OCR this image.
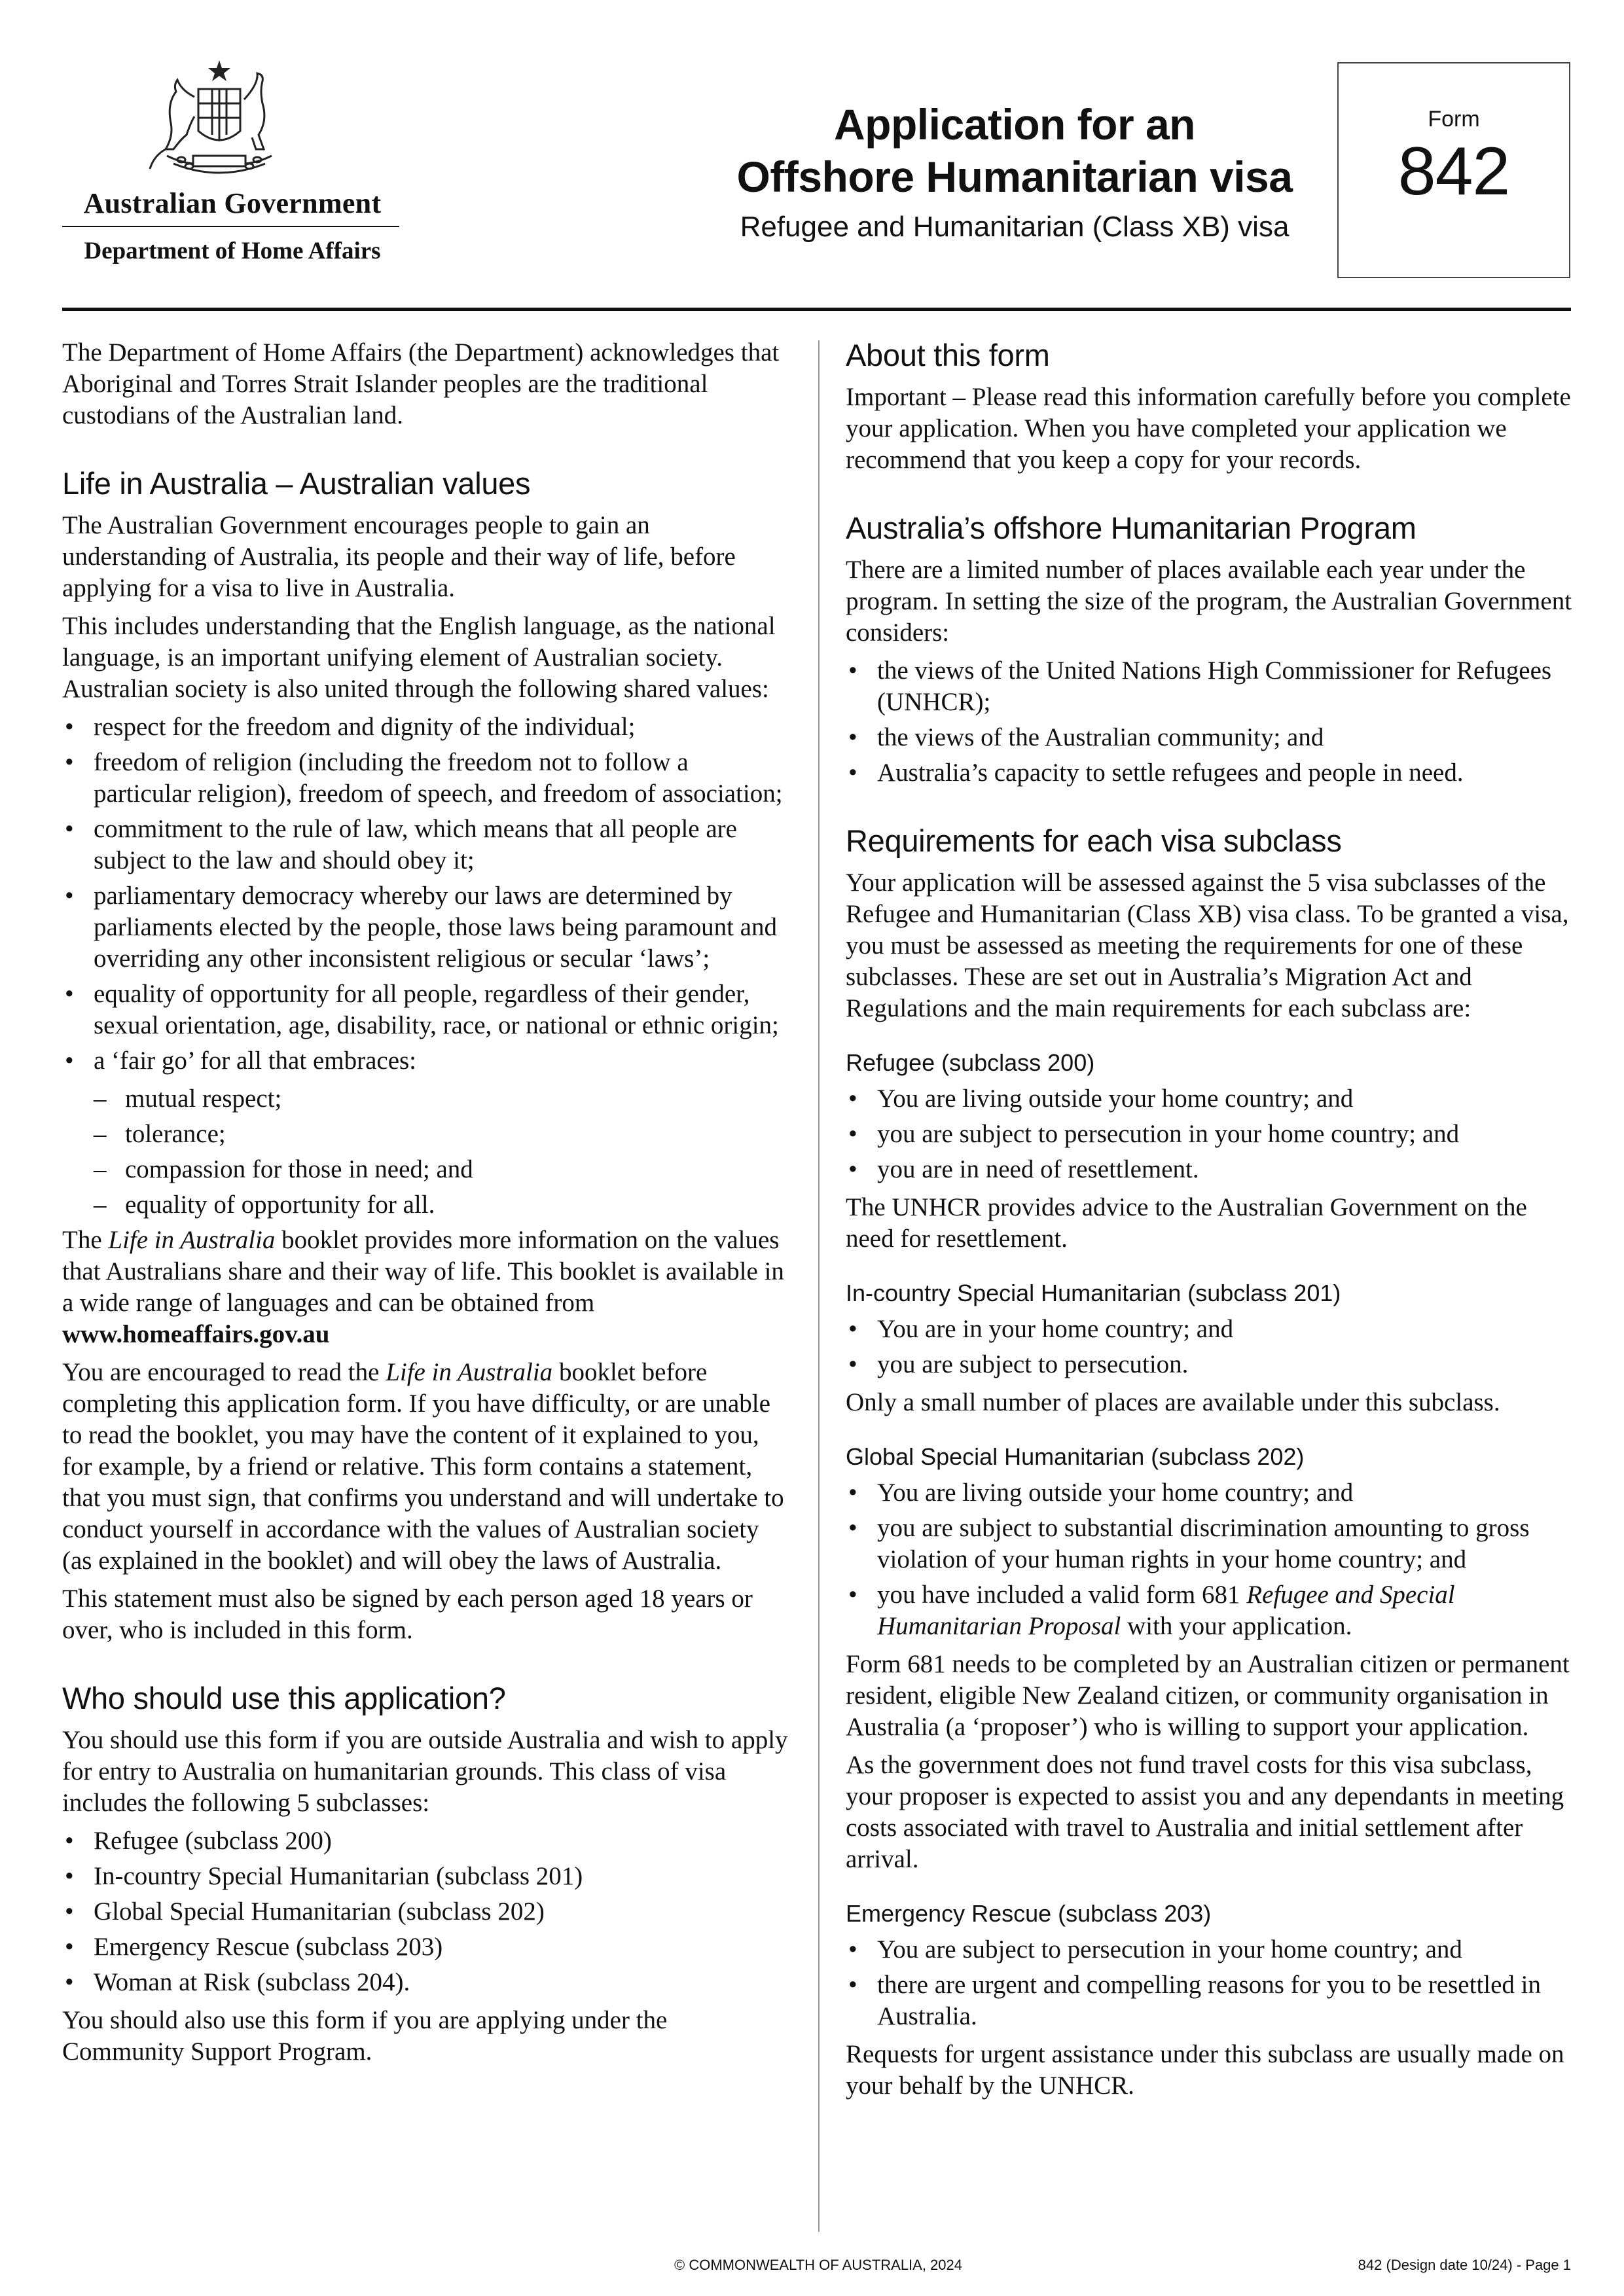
Australian Government
Department of Home Affairs
Application for an
Offshore Humanitarian visa
Refugee and Humanitarian (Class XB) visa
Form
842

The Department of Home Affairs (the Department) acknowledges that Aboriginal and Torres Strait Islander peoples are the traditional custodians of the Australian land.

Life in Australia – Australian values

The Australian Government encourages people to gain an understanding of Australia, its people and their way of life, before applying for a visa to live in Australia.

This includes understanding that the English language, as the national language, is an important unifying element of Australian society. Australian society is also united through the following shared values:

• respect for the freedom and dignity of the individual;
• freedom of religion (including the freedom not to follow a particular religion), freedom of speech, and freedom of association;
• commitment to the rule of law, which means that all people are subject to the law and should obey it;
• parliamentary democracy whereby our laws are determined by parliaments elected by the people, those laws being paramount and overriding any other inconsistent religious or secular ‘laws’;
• equality of opportunity for all people, regardless of their gender, sexual orientation, age, disability, race, or national or ethnic origin;
• a ‘fair go’ for all that embraces:
– mutual respect;
– tolerance;
– compassion for those in need; and
– equality of opportunity for all.

The Life in Australia booklet provides more information on the values that Australians share and their way of life. This booklet is available in a wide range of languages and can be obtained from
www.homeaffairs.gov.au

You are encouraged to read the Life in Australia booklet before completing this application form. If you have difficulty, or are unable to read the booklet, you may have the content of it explained to you, for example, by a friend or relative. This form contains a statement, that you must sign, that confirms you understand and will undertake to conduct yourself in accordance with the values of Australian society (as explained in the booklet) and will obey the laws of Australia.

This statement must also be signed by each person aged 18 years or over, who is included in this form.

Who should use this application?

You should use this form if you are outside Australia and wish to apply for entry to Australia on humanitarian grounds. This class of visa includes the following 5 subclasses:

• Refugee (subclass 200)
• In-country Special Humanitarian (subclass 201)
• Global Special Humanitarian (subclass 202)
• Emergency Rescue (subclass 203)
• Woman at Risk (subclass 204).

You should also use this form if you are applying under the Community Support Program.

About this form

Important – Please read this information carefully before you complete your application. When you have completed your application we recommend that you keep a copy for your records.

Australia’s offshore Humanitarian Program

There are a limited number of places available each year under the program. In setting the size of the program, the Australian Government considers:

• the views of the United Nations High Commissioner for Refugees (UNHCR);
• the views of the Australian community; and
• Australia’s capacity to settle refugees and people in need.
Requirements for each visa subclass

Your application will be assessed against the 5 visa subclasses of the Refugee and Humanitarian (Class XB) visa class. To be granted a visa, you must be assessed as meeting the requirements for one of these subclasses. These are set out in Australia’s Migration Act and Regulations and the main requirements for each subclass are:

Refugee (subclass 200)
• You are living outside your home country; and
• you are subject to persecution in your home country; and
• you are in need of resettlement.

The UNHCR provides advice to the Australian Government on the need for resettlement.

In-country Special Humanitarian (subclass 201)
• You are in your home country; and
• you are subject to persecution.

Only a small number of places are available under this subclass.

Global Special Humanitarian (subclass 202)
• You are living outside your home country; and
• you are subject to substantial discrimination amounting to gross violation of your human rights in your home country; and
• you have included a valid form 681 Refugee and Special Humanitarian Proposal with your application.

Form 681 needs to be completed by an Australian citizen or permanent resident, eligible New Zealand citizen, or community organisation in Australia (a ‘proposer’) who is willing to support your application.

As the government does not fund travel costs for this visa subclass, your proposer is expected to assist you and any dependants in meeting costs associated with travel to Australia and initial settlement after arrival.

Emergency Rescue (subclass 203)
• You are subject to persecution in your home country; and
• there are urgent and compelling reasons for you to be resettled in Australia.

Requests for urgent assistance under this subclass are usually made on your behalf by the UNHCR.

© COMMONWEALTH OF AUSTRALIA, 2024	842 (Design date 10/24) - Page 1
